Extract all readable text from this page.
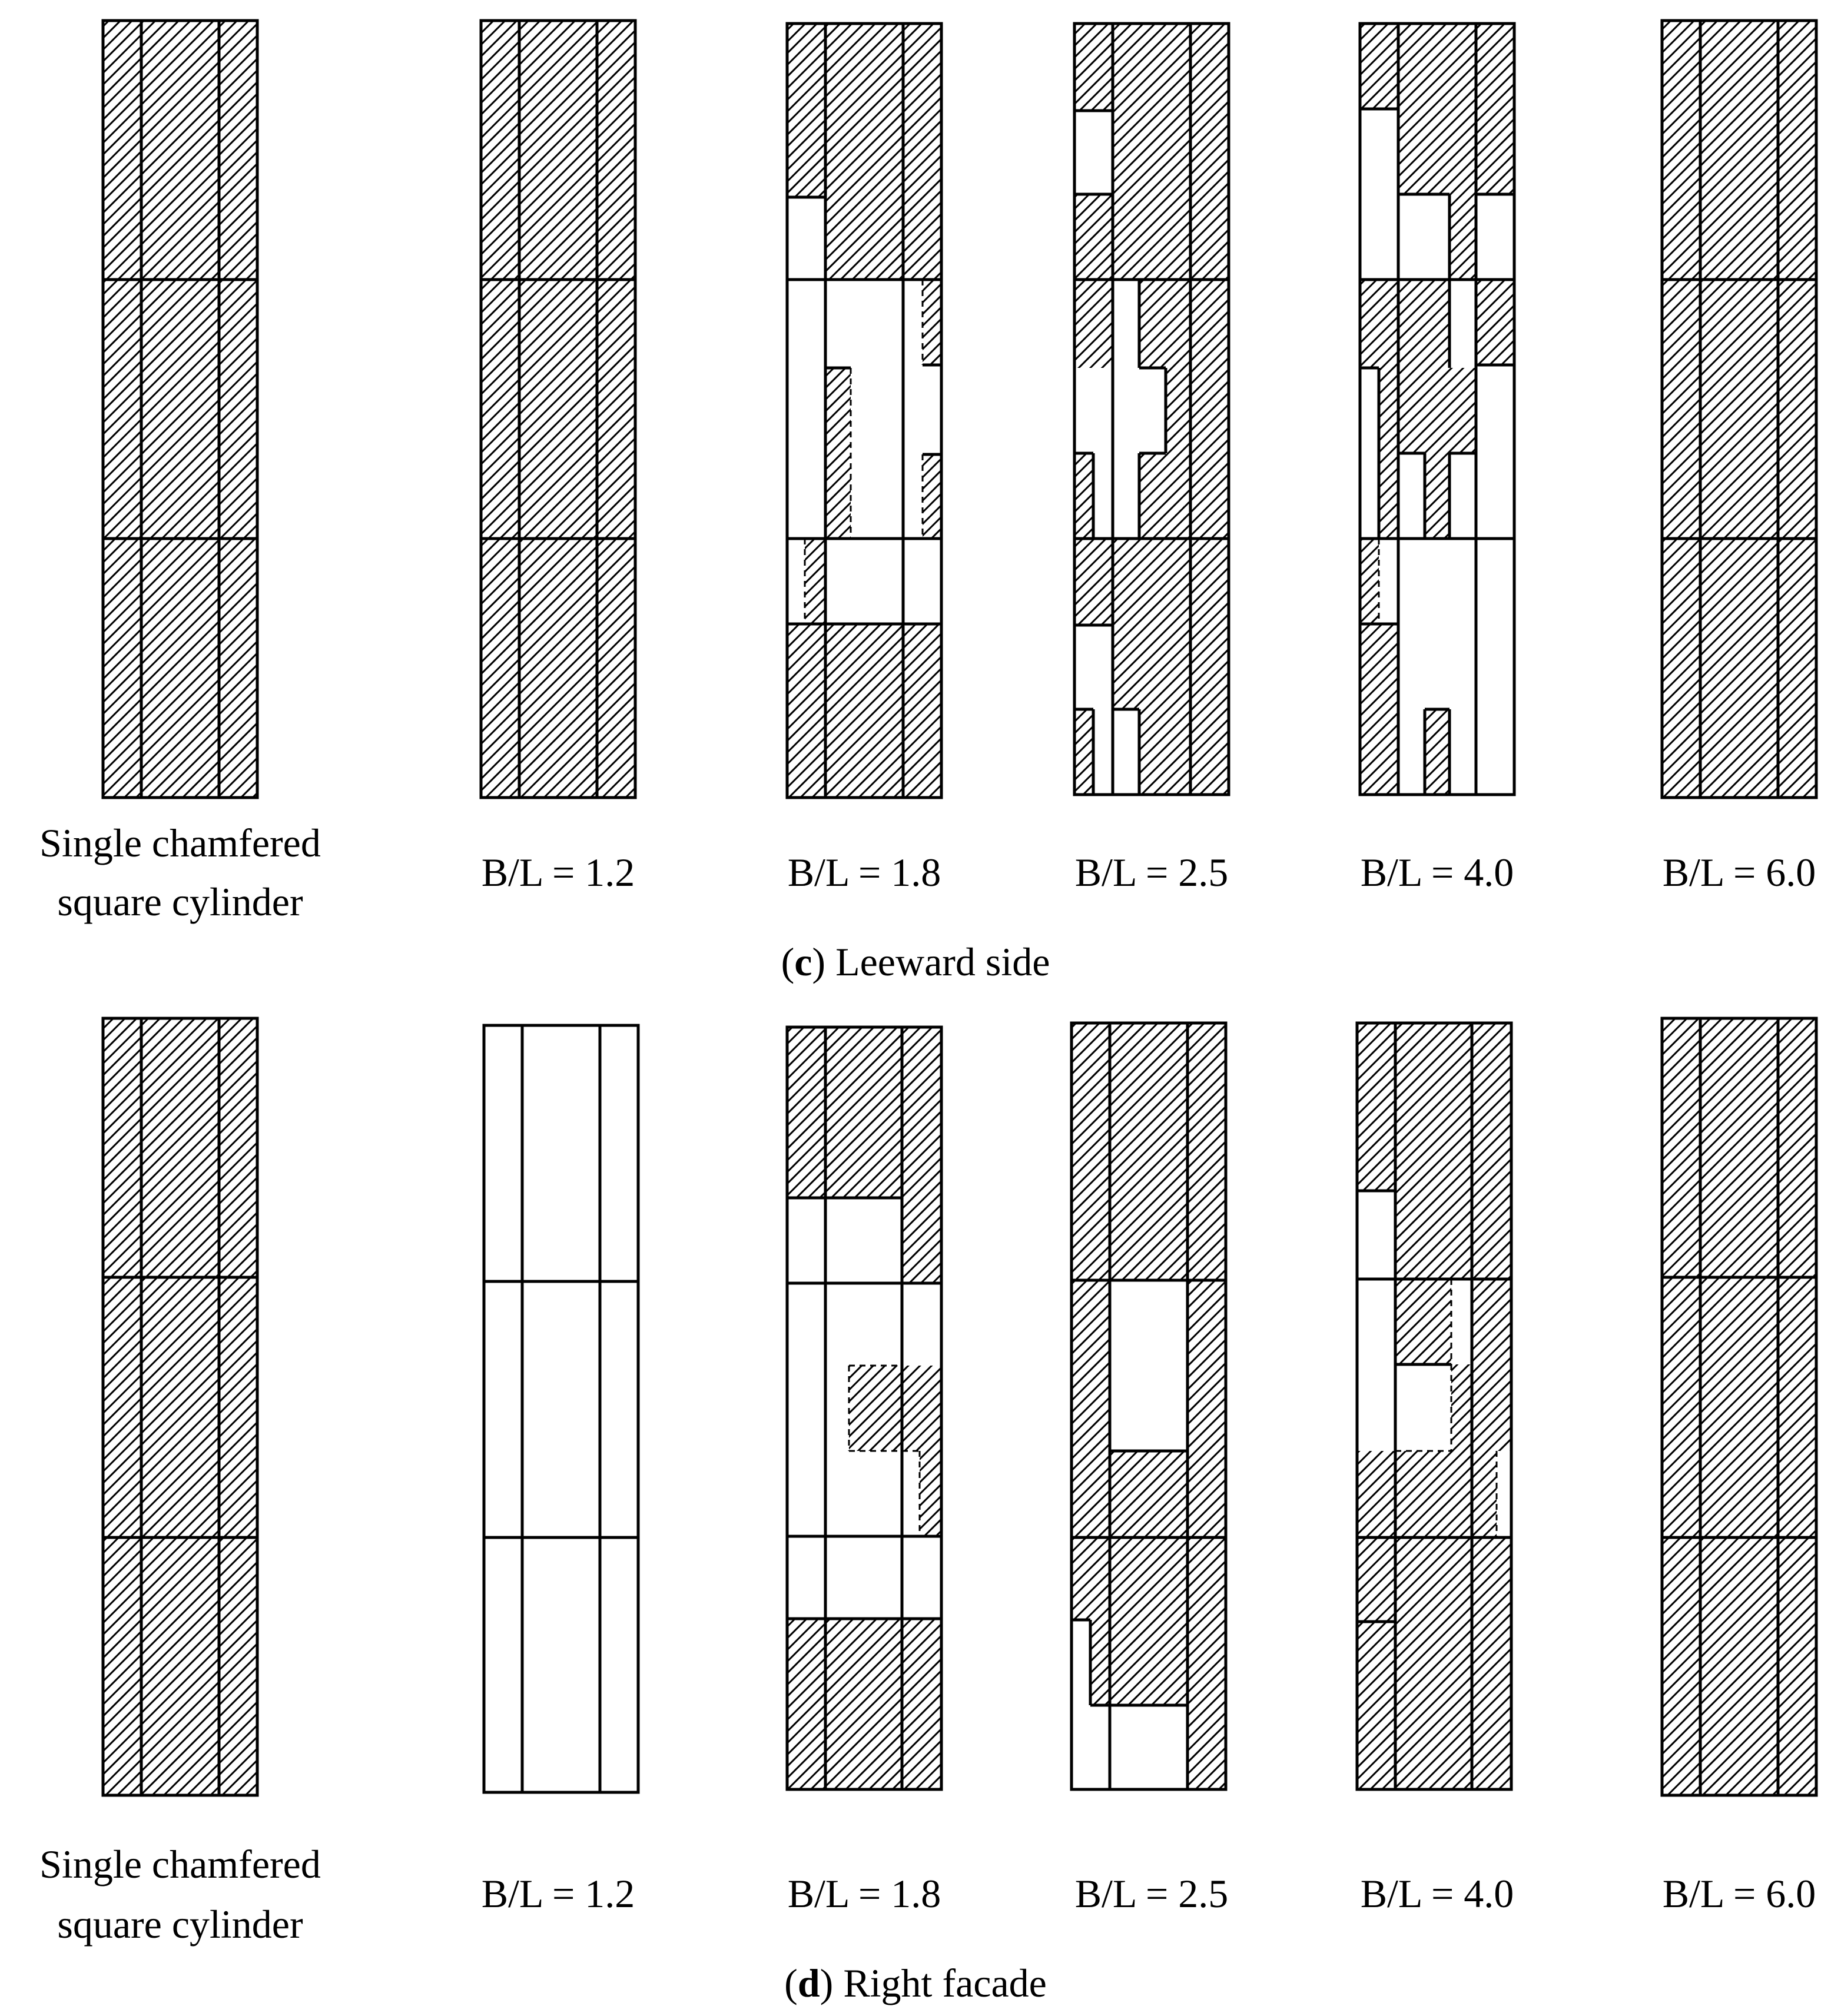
Single chamfered
square cylinder
B/L = 1.2	B/L = 1.8	B/L = 2.5	B/L = 4.0	B/L = 6.0
(c) Leeward side
Single chamfered
square cylinder
B/L = 1.2	B/L = 1.8	B/L = 2.5	B/L = 4.0	B/L = 6.0
(d) Right facade
